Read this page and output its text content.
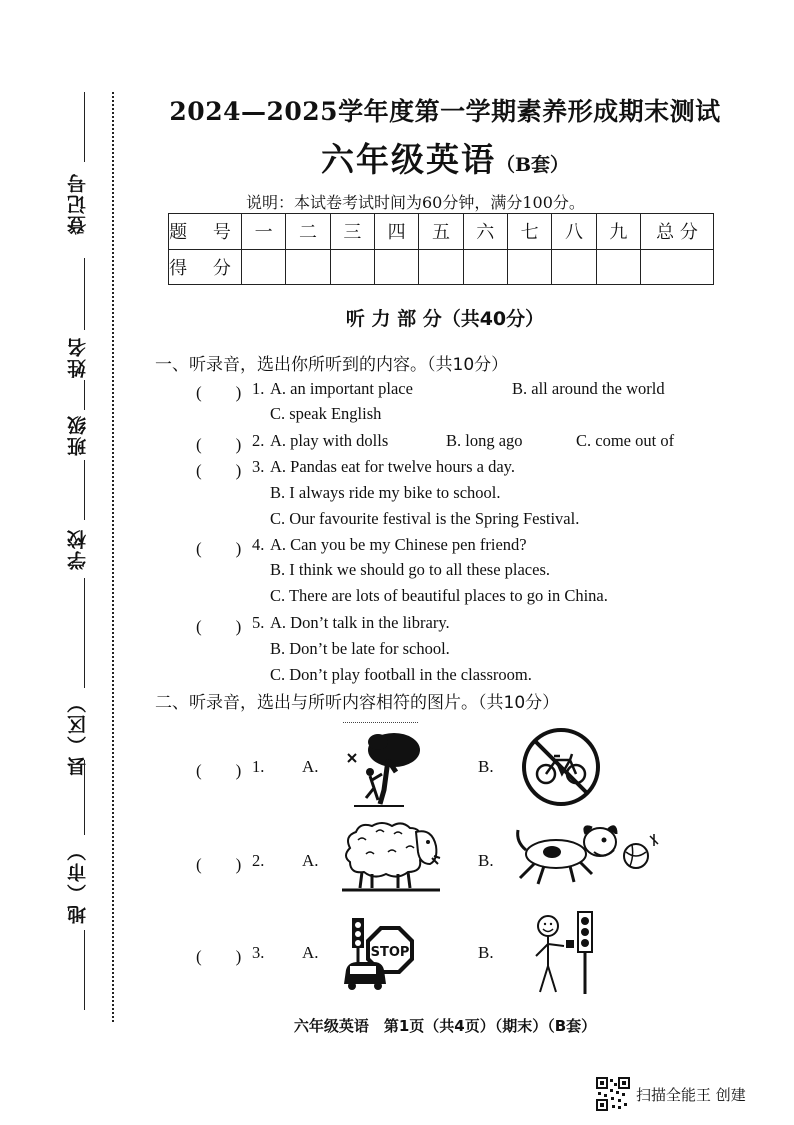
登记号
姓名
班级
学校
县（区）
地（市）
2024—2025学年度第一学期素养形成期末测试
六年级英语（B套）
说明：本试卷考试时间为60分钟，满分100分。
题 号	一	二	三	四	五	六	七	八	九	总 分
得 分										
听 力 部 分（共40分）
一、听录音，选出你所听到的内容。（共10分）
(　　) 1. A. an important place	B. all around the world
C. speak English
(　　) 2. A. play with dolls	B. long ago	C. come out of
(　　) 3. A. Pandas eat for twelve hours a day.
B. I always ride my bike to school.
C. Our favourite festival is the Spring Festival.
(　　) 4. A. Can you be my Chinese pen friend?
B. I think we should go to all these places.
C. There are lots of beautiful places to go in China.
(　　) 5. A. Don’t talk in the library.
B. Don’t be late for school.
C. Don’t play football in the classroom.
二、听录音，选出与所听内容相符的图片。（共10分）
(　　) 1. A.	B.
(　　) 2. A.	B.
(　　) 3. A.	STOP	B.
六年级英语　第1页（共4页）（期末）（B套）
扫描全能王 创建
